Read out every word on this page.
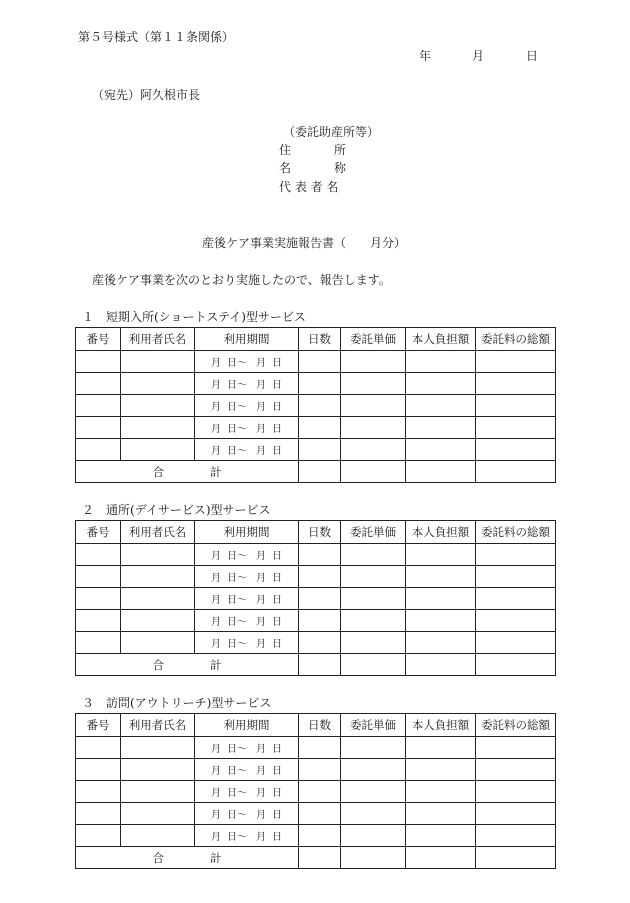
第５号様式（第１１条関係）
年	月	日
（宛先）阿久根市長
（委託助産所等）
住	所
名	称
代 表 者 名
産後ケア事業実施報告書（　　月分）
産後ケア事業を次のとおり実施したので、報告します。
１　短期入所(ショートステイ)型サービス
番号	利用者氏名	利用期間	日数	委託単価	本人負担額	委託料の総額
		月 日～ 月 日				
		月 日～ 月 日				
		月 日～ 月 日				
		月 日～ 月 日				
		月 日～ 月 日				
合 計						
２　通所(デイサービス)型サービス
番号	利用者氏名	利用期間	日数	委託単価	本人負担額	委託料の総額
		月 日～ 月 日				
		月 日～ 月 日				
		月 日～ 月 日				
		月 日～ 月 日				
		月 日～ 月 日				
合 計						
３　訪問(アウトリーチ)型サービス
番号	利用者氏名	利用期間	日数	委託単価	本人負担額	委託料の総額
		月 日～ 月 日				
		月 日～ 月 日				
		月 日～ 月 日				
		月 日～ 月 日				
		月 日～ 月 日				
合 計						
